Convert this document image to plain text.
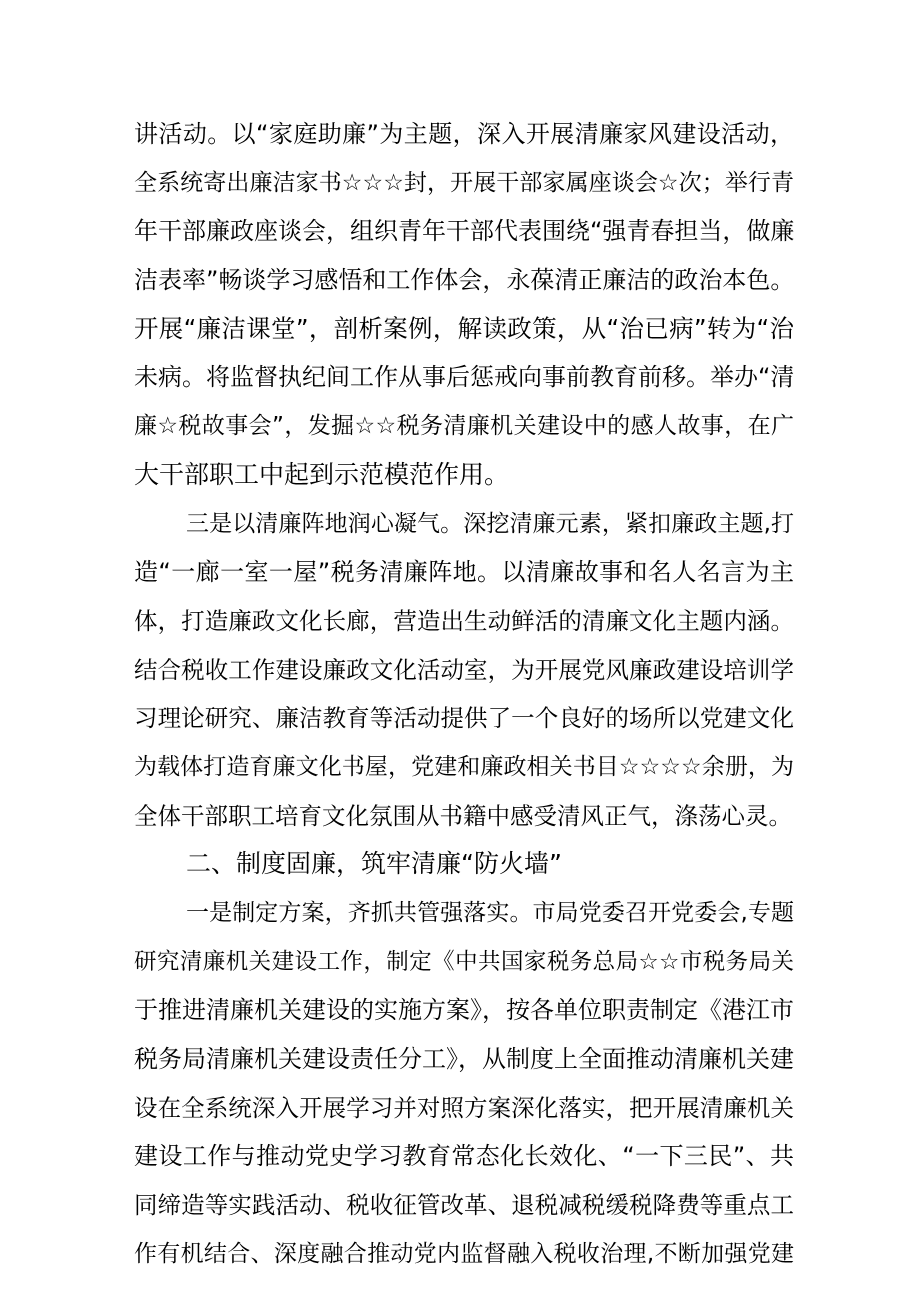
讲活动。以“家庭助廉”为主题，深入开展清廉家风建设活动，
全系统寄出廉洁家书☆☆☆封，开展干部家属座谈会☆次；举行青
年干部廉政座谈会，组织青年干部代表围绕“强青春担当，做廉
洁表率”畅谈学习感悟和工作体会，永葆清正廉洁的政治本色。
开展“廉洁课堂”，剖析案例，解读政策，从“治已病”转为“治
未病。将监督执纪间工作从事后惩戒向事前教育前移。举办“清
廉☆税故事会”，发掘☆☆税务清廉机关建设中的感人故事，在广
大干部职工中起到示范模范作用。
三是以清廉阵地润心凝气。深挖清廉元素，紧扣廉政主题,打
造“一廊一室一屋”税务清廉阵地。以清廉故事和名人名言为主
体，打造廉政文化长廊，营造出生动鲜活的清廉文化主题内涵。
结合税收工作建设廉政文化活动室，为开展党风廉政建设培训学
习理论研究、廉洁教育等活动提供了一个良好的场所以党建文化
为载体打造育廉文化书屋，党建和廉政相关书目☆☆☆☆余册，为
全体干部职工培育文化氛围从书籍中感受清风正气，涤荡心灵。
二、制度固廉，筑牢清廉“防火墙”
一是制定方案，齐抓共管强落实。市局党委召开党委会,专题
研究清廉机关建设工作，制定《中共国家税务总局☆☆市税务局关
于推进清廉机关建设的实施方案》，按各单位职责制定《港江市
税务局清廉机关建设责任分工》，从制度上全面推动清廉机关建
设在全系统深入开展学习并对照方案深化落实，把开展清廉机关
建设工作与推动党史学习教育常态化长效化、“一下三民”、共
同缔造等实践活动、税收征管改革、退税减税缓税降费等重点工
作有机结合、深度融合推动党内监督融入税收治理,不断加强党建
